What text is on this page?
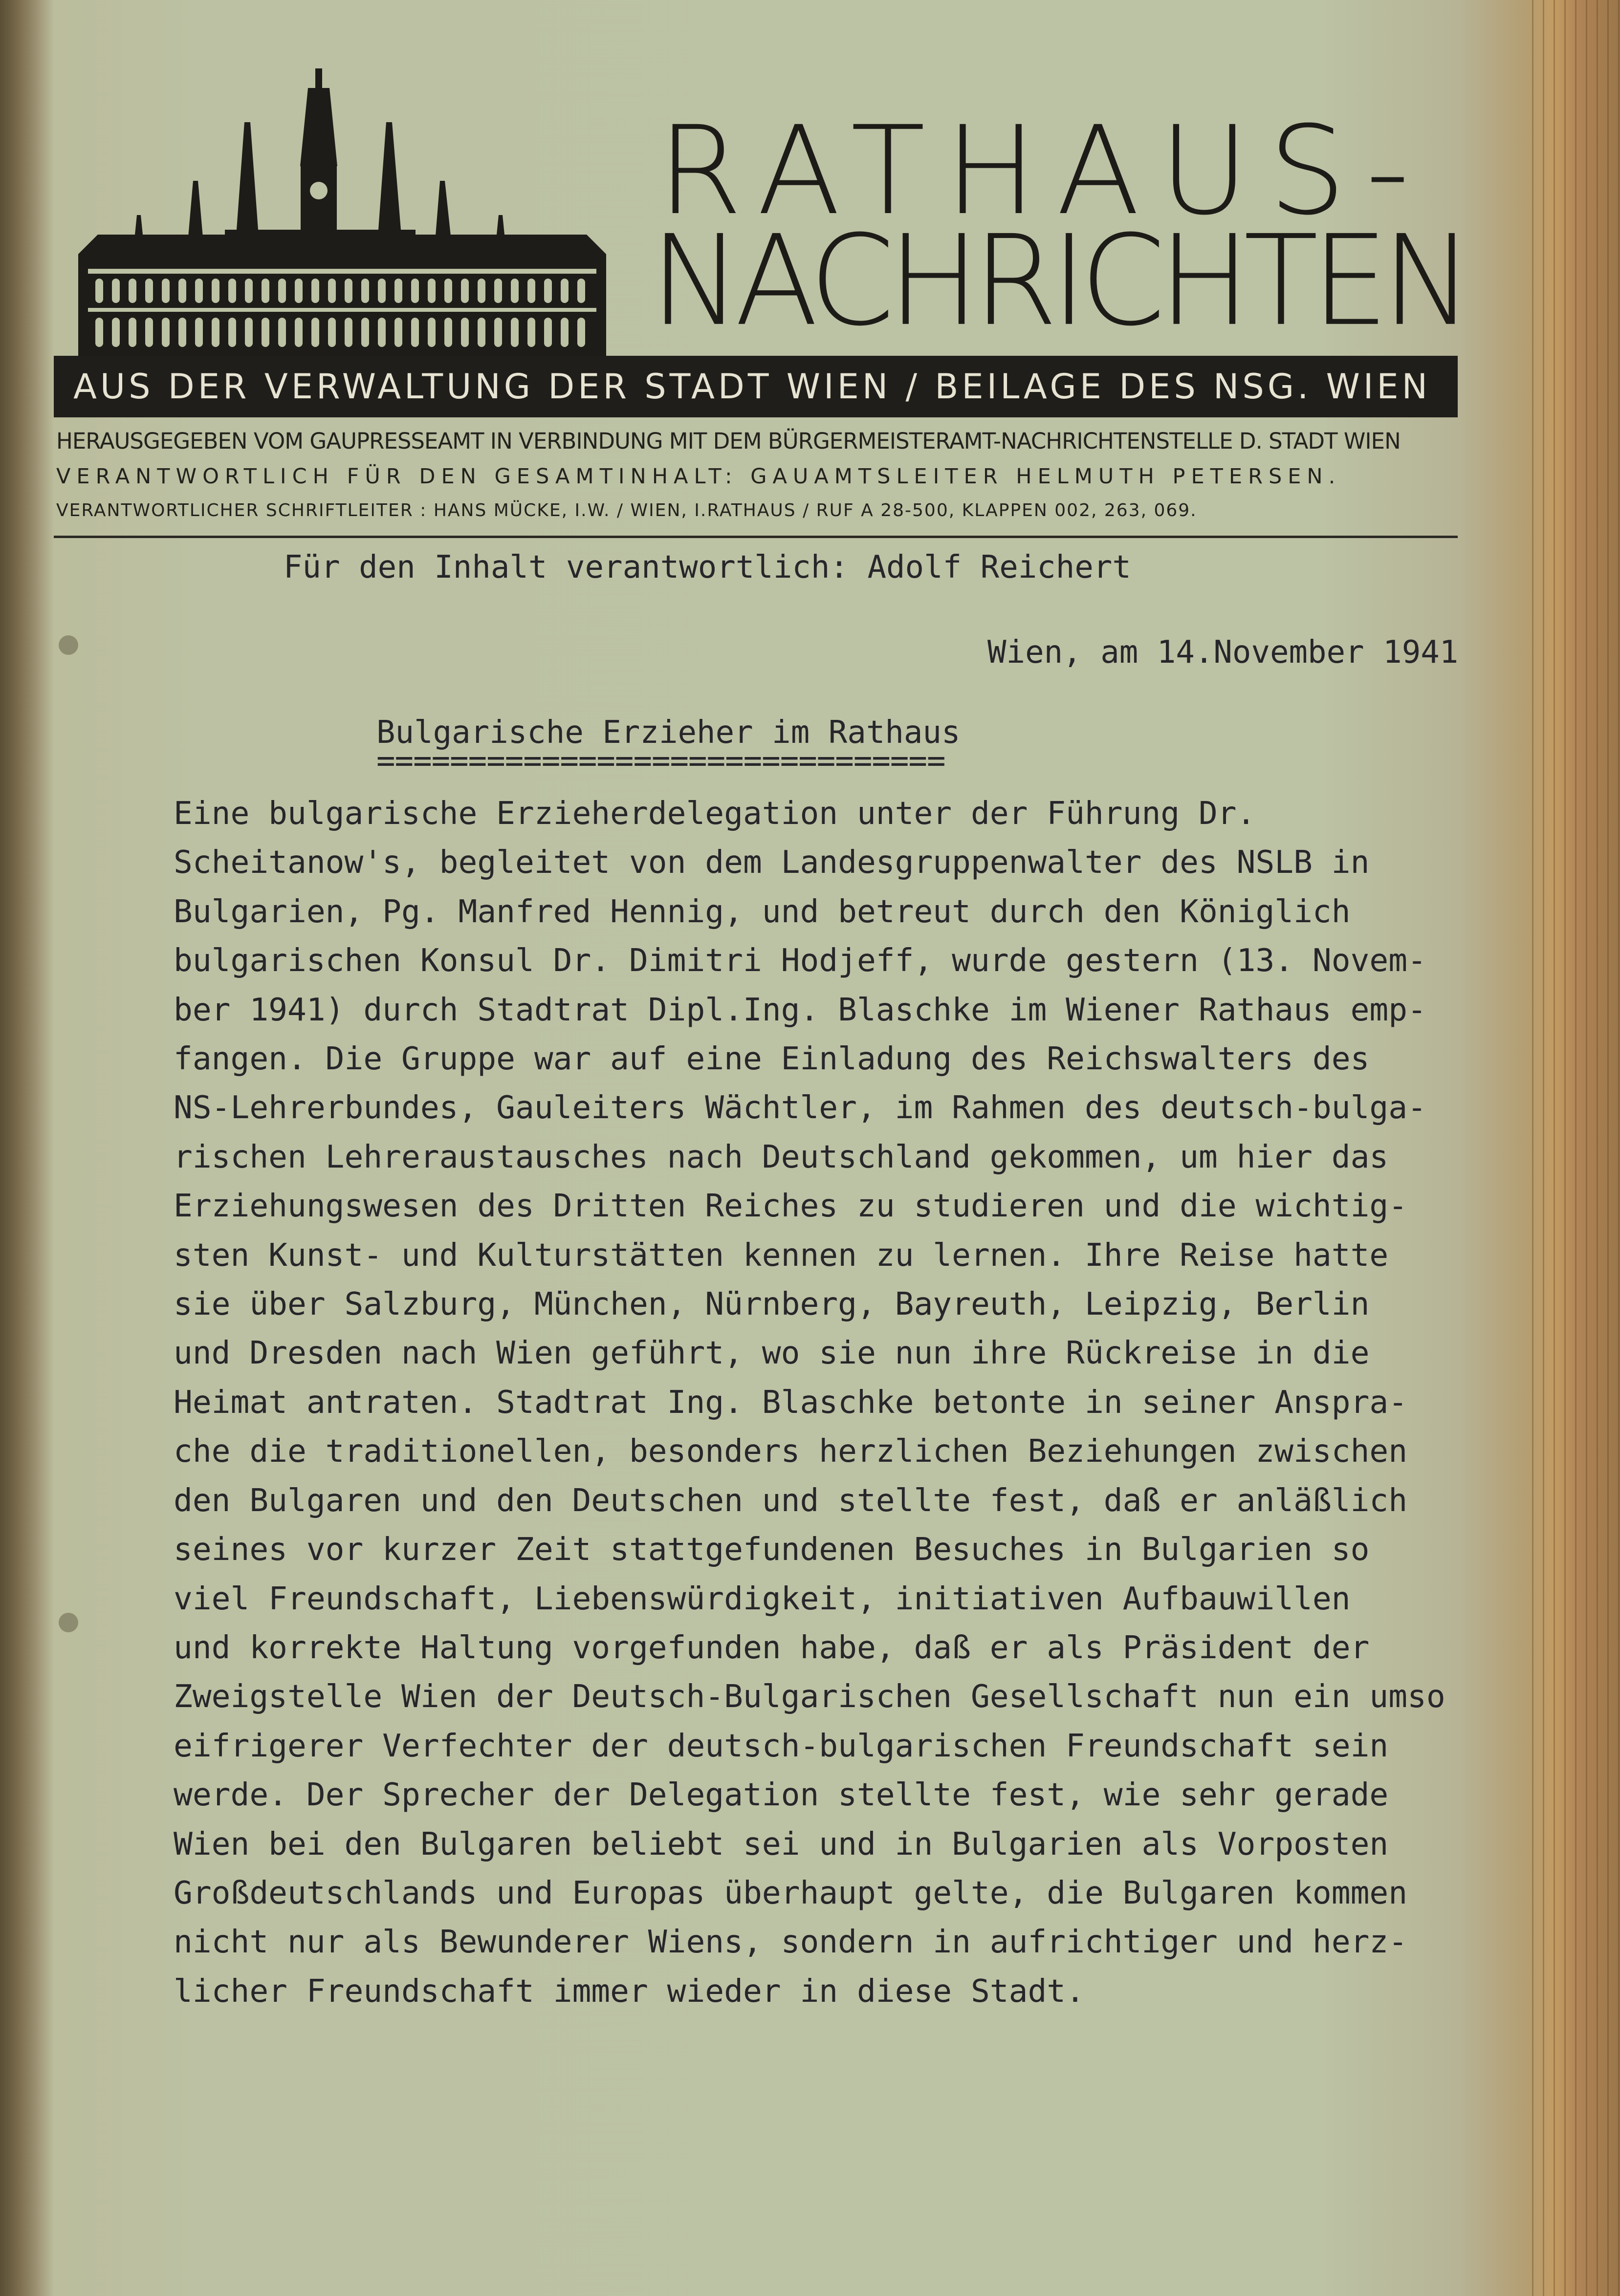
RATHAUS-
NACHRICHTEN
AUS DER VERWALTUNG DER STADT WIEN / BEILAGE DES NSG. WIEN
HERAUSGEGEBEN VOM GAUPRESSEAMT IN VERBINDUNG MIT DEM BÜRGERMEISTERAMT-NACHRICHTENSTELLE D. STADT WIEN
VERANTWORTLICH FÜR DEN GESAMTINHALT: GAUAMTSLEITER HELMUTH PETERSEN.
VERANTWORTLICHER SCHRIFTLEITER : HANS MÜCKE, I.W. / WIEN, I.RATHAUS / RUF A 28-500, KLAPPEN 002, 263, 069.
Für den Inhalt verantwortlich: Adolf Reichert
Wien, am 14.November 1941
Bulgarische Erzieher im Rathaus
===============================
Eine bulgarische Erzieherdelegation unter der Führung Dr.
Scheitanow's, begleitet von dem Landesgruppenwalter des NSLB in
Bulgarien, Pg. Manfred Hennig, und betreut durch den Königlich
bulgarischen Konsul Dr. Dimitri Hodjeff, wurde gestern (13. Novem-
ber 1941) durch Stadtrat Dipl.Ing. Blaschke im Wiener Rathaus emp-
fangen. Die Gruppe war auf eine Einladung des Reichswalters des
NS-Lehrerbundes, Gauleiters Wächtler, im Rahmen des deutsch-bulga-
rischen Lehreraustausches nach Deutschland gekommen, um hier das
Erziehungswesen des Dritten Reiches zu studieren und die wichtig-
sten Kunst- und Kulturstätten kennen zu lernen. Ihre Reise hatte
sie über Salzburg, München, Nürnberg, Bayreuth, Leipzig, Berlin
und Dresden nach Wien geführt, wo sie nun ihre Rückreise in die
Heimat antraten. Stadtrat Ing. Blaschke betonte in seiner Anspra-
che die traditionellen, besonders herzlichen Beziehungen zwischen
den Bulgaren und den Deutschen und stellte fest, daß er anläßlich
seines vor kurzer Zeit stattgefundenen Besuches in Bulgarien so
viel Freundschaft, Liebenswürdigkeit, initiativen Aufbauwillen
und korrekte Haltung vorgefunden habe, daß er als Präsident der
Zweigstelle Wien der Deutsch-Bulgarischen Gesellschaft nun ein umso
eifrigerer Verfechter der deutsch-bulgarischen Freundschaft sein
werde. Der Sprecher der Delegation stellte fest, wie sehr gerade
Wien bei den Bulgaren beliebt sei und in Bulgarien als Vorposten
Großdeutschlands und Europas überhaupt gelte, die Bulgaren kommen
nicht nur als Bewunderer Wiens, sondern in aufrichtiger und herz-
licher Freundschaft immer wieder in diese Stadt.
